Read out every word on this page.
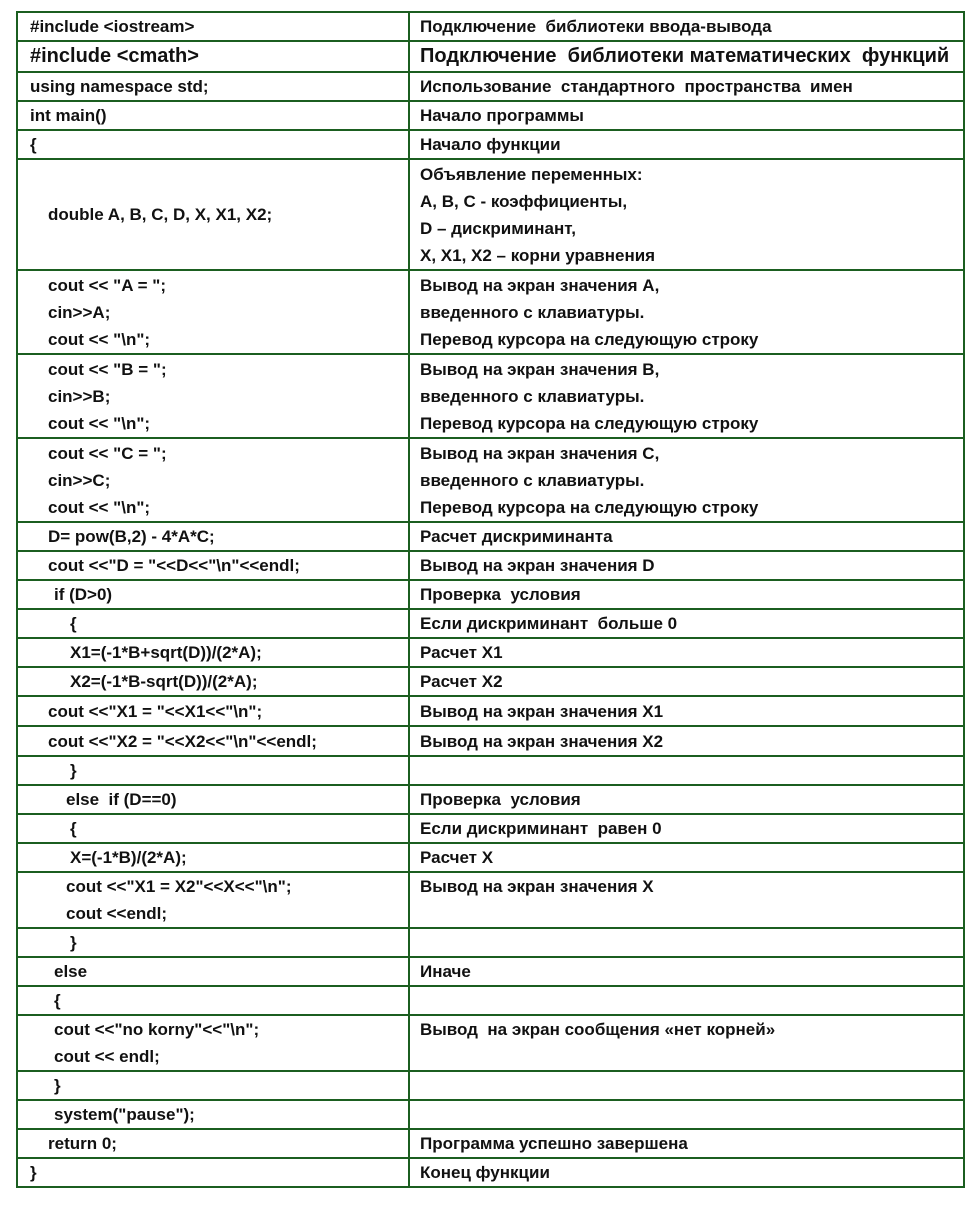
#include <iostream>	Подключение  библиотеки ввода-вывода

#include <cmath>	Подключение  библиотеки математических  функций

using namespace std;	Использование  стандартного  пространства  имен

int main()	Начало программы

{	Начало функции

double A, B, C, D, X, X1, X2;	Объявление переменных:
А, В, С - коэффициенты,
D – дискриминант,
X, X1, X2 – корни уравнения

cout << "A = ";
cin>>A;
cout << "\n";	Вывод на экран значения А,
введенного с клавиатуры.
Перевод курсора на следующую строку

cout << "B = ";
cin>>B;
cout << "\n";	Вывод на экран значения В,
введенного с клавиатуры.
Перевод курсора на следующую строку

cout << "C = ";
cin>>C;
cout << "\n";	Вывод на экран значения С,
введенного с клавиатуры.
Перевод курсора на следующую строку

D= pow(B,2) - 4*A*C;	Расчет дискриминанта

cout <<"D = "<<D<<"\n"<<endl;	Вывод на экран значения D

if (D>0)	Проверка  условия

{	Если дискриминант  больше 0

X1=(-1*B+sqrt(D))/(2*A);	Расчет Х1

X2=(-1*B-sqrt(D))/(2*A);	Расчет Х2

cout <<"X1 = "<<X1<<"\n";	Вывод на экран значения Х1

cout <<"X2 = "<<X2<<"\n"<<endl;	Вывод на экран значения Х2

}	

else  if (D==0)	Проверка  условия

{	Если дискриминант  равен 0

X=(-1*B)/(2*A);	Расчет Х

cout <<"X1 = X2"<<X<<"\n";
cout <<endl;	Вывод на экран значения Х

}	

else	Иначе

{	

cout <<"no korny"<<"\n";
cout << endl;	Вывод  на экран сообщения «нет корней»

}	

system("pause");	

return 0;	Программа успешно завершена

}	Конец функции
